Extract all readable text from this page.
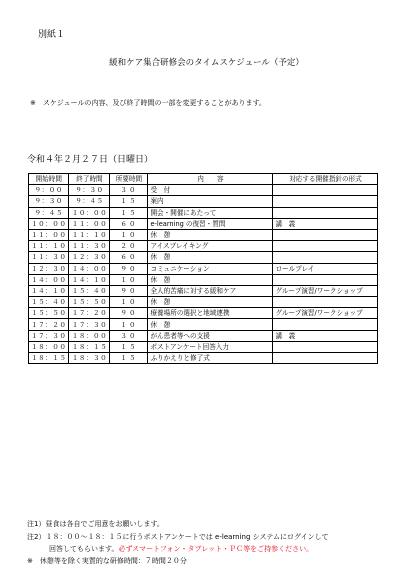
別紙１
緩和ケア集合研修会のタイムスケジュール（予定）
※　スケジュールの内容、及び終了時間の一部を変更することがあります。
令和４年２月２７日（日曜日）
開始時間	終了時間	所要時間	内　　容	対応する開催指針の形式
９：００	９：３０	３０	受　付	
９：３０	９：４５	１５	案内	
９：４５	１０：００	１５	開会・開催にあたって	
１０：００	１１：００	６０	e-learning の復習・質問	講　義
１１：００	１１：１０	１０	休　憩	
１１：１０	１１：３０	２０	アイスブレイキング	
１１：３０	１２：３０	６０	休　憩	
１２：３０	１４：００	９０	コミュニケーション	ロールプレイ
１４：００	１４：１０	１０	休　憩	
１４：１０	１５：４０	９０	全人的苦痛に対する緩和ケア	グループ演習/ワークショップ
１５：４０	１５：５０	１０	休　憩	
１５：５０	１７：２０	９０	療養場所の選択と地域連携	グループ演習/ワークショップ
１７：２０	１７：３０	１０	休　憩	
１７：３０	１８：００	３０	がん患者等への支援	講　義
１８：００	１８：１５	１５	ポストアンケート回答入力	
１８：１５	１８：３０	１５	ふりかえりと修了式	
注1）昼食は各自でご用意をお願いします。
注2）１８：００～１８：１５に行うポストアンケートでは e-learning システムにログインして
回答してもらいます。必ずスマートフォン・タブレット・ＰＣ等をご持参ください。
※　休憩等を除く実質的な研修時間：７時間２０分
